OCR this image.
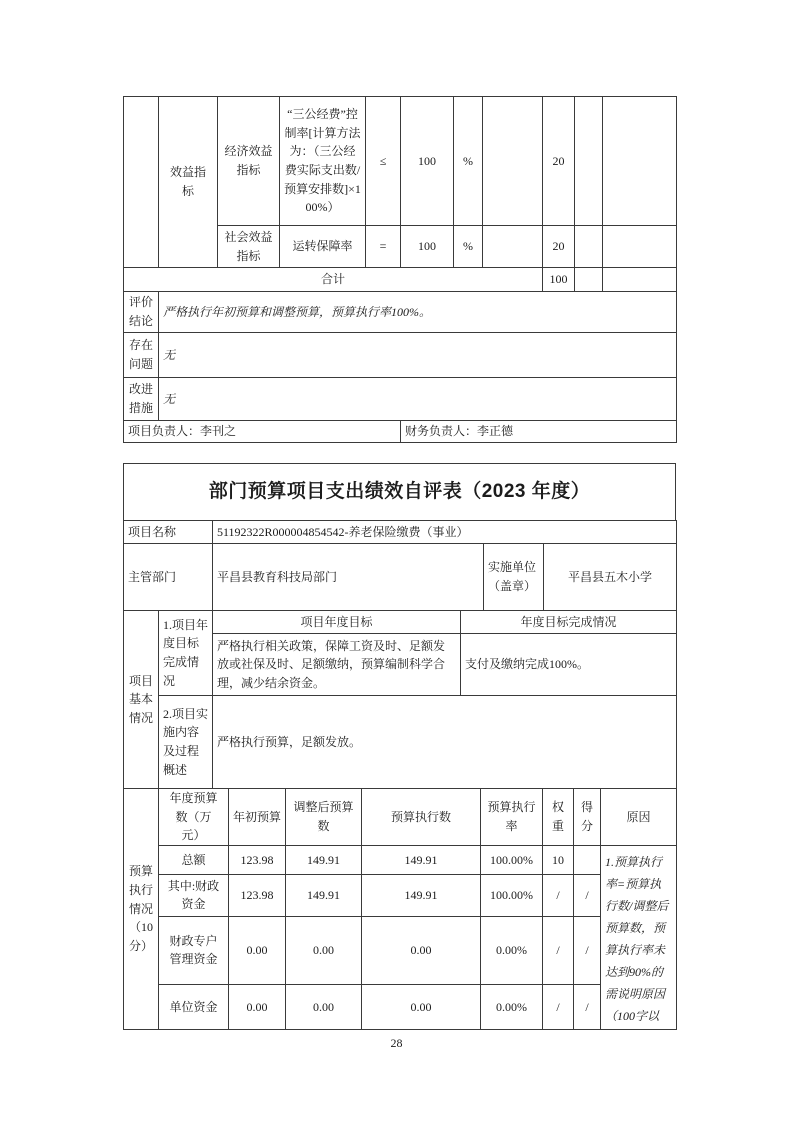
	效益指标	经济效益指标	“三公经费”控制率[计算方法为：（三公经费实际支出数/预算安排数]×100%）	≤	100	%		20		
		社会效益指标	运转保障率	=	100	%		20		
合计								100		
评价结论	严格执行年初预算和调整预算，预算执行率100%。									
存在问题	无									
改进措施	无									
项目负责人：李刊之					财务负责人：李正德					
部门预算项目支出绩效自评表（2023 年度）
项目名称	51192322R000004854542-养老保险缴费（事业）
主管部门	平昌县教育科技局部门	实施单位（盖章）	平昌县五木小学
项目基本情况	1.项目年度目标完成情况	项目年度目标	年度目标完成情况
		严格执行相关政策，保障工资及时、足额发放或社保及时、足额缴纳，预算编制科学合理，减少结余资金。	支付及缴纳完成100%。
	2.项目实施内容及过程概述	严格执行预算，足额发放。	
预算执行情况（10分）	年度预算数（万元）	年初预算	调整后预算数	预算执行数	预算执行率	权重	得分	原因
	总额	123.98	149.91	149.91	100.00%	10		1.预算执行率=预算执行数/调整后预算数，预算执行率未达到90%的需说明原因（100字以
	其中:财政资金	123.98	149.91	149.91	100.00%	/	/	
	财政专户管理资金	0.00	0.00	0.00	0.00%	/	/	
	单位资金	0.00	0.00	0.00	0.00%	/	/	
28
